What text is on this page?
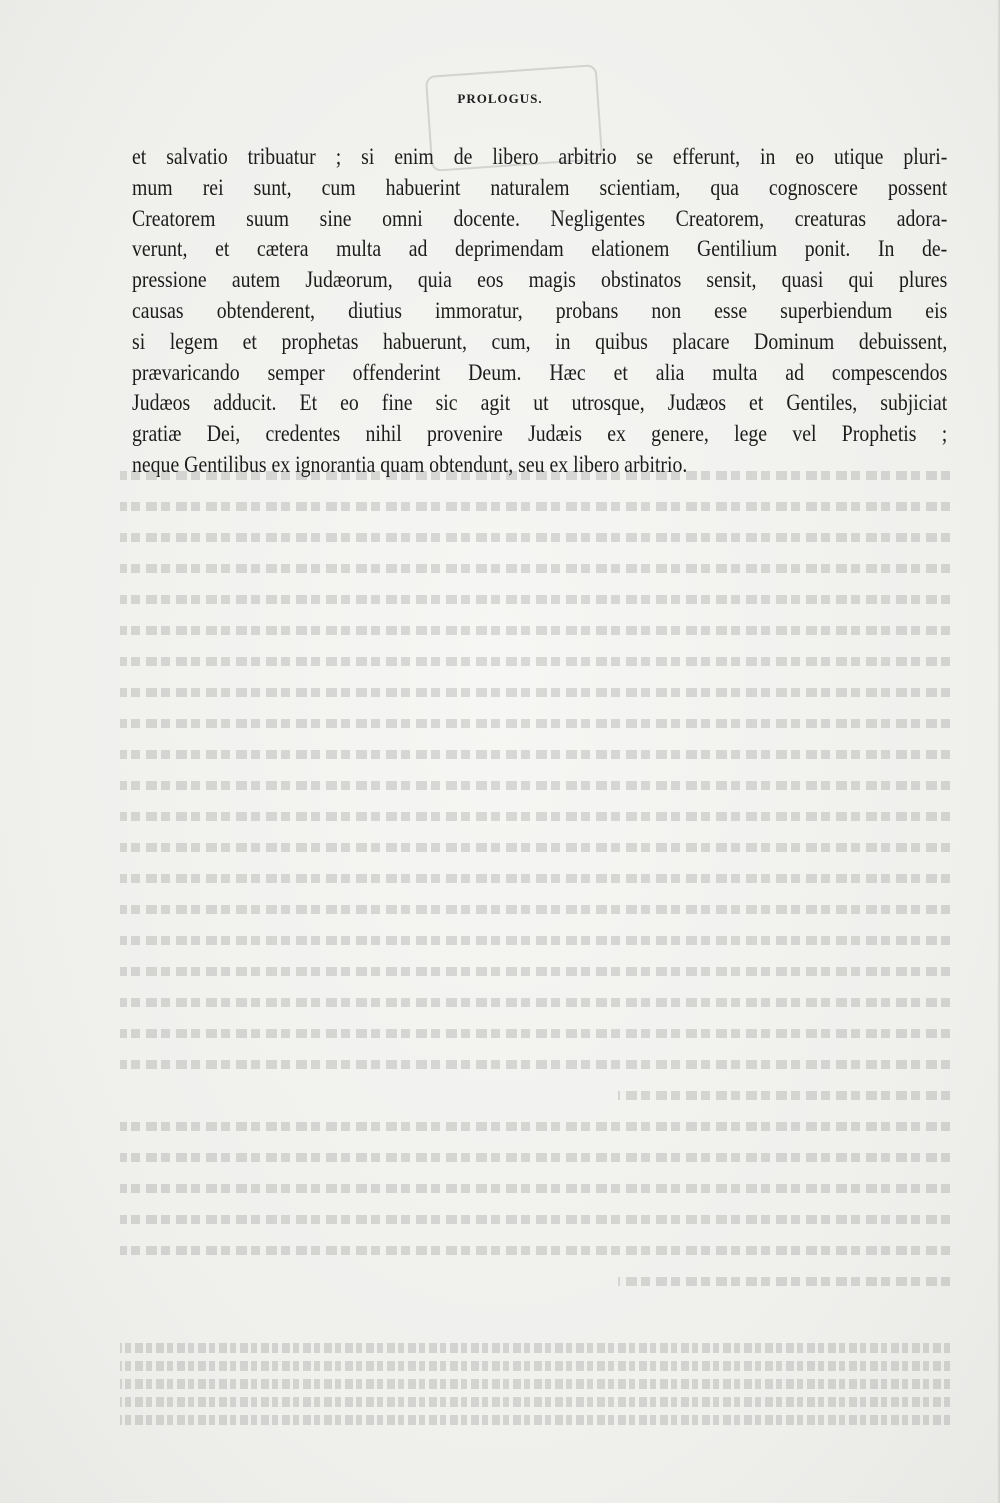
PROLOGUS.
et salvatio tribuatur ; si enim de libero arbitrio se efferunt, in eo utique pluri-
mum rei sunt, cum habuerint naturalem scientiam, qua cognoscere possent
Creatorem suum sine omni docente. Negligentes Creatorem, creaturas adora-
verunt, et cætera multa ad deprimendam elationem Gentilium ponit. In de-
pressione autem Judæorum, quia eos magis obstinatos sensit, quasi qui plures
causas obtenderent, diutius immoratur, probans non esse superbiendum eis
si legem et prophetas habuerunt, cum, in quibus placare Dominum debuissent,
prævaricando semper offenderint Deum. Hæc et alia multa ad compescendos
Judæos adducit. Et eo fine sic agit ut utrosque, Judæos et Gentiles, subjiciat
gratiæ Dei, credentes nihil provenire Judæis ex genere, lege vel Prophetis ;
neque Gentilibus ex ignorantia quam obtendunt, seu ex libero arbitrio.
